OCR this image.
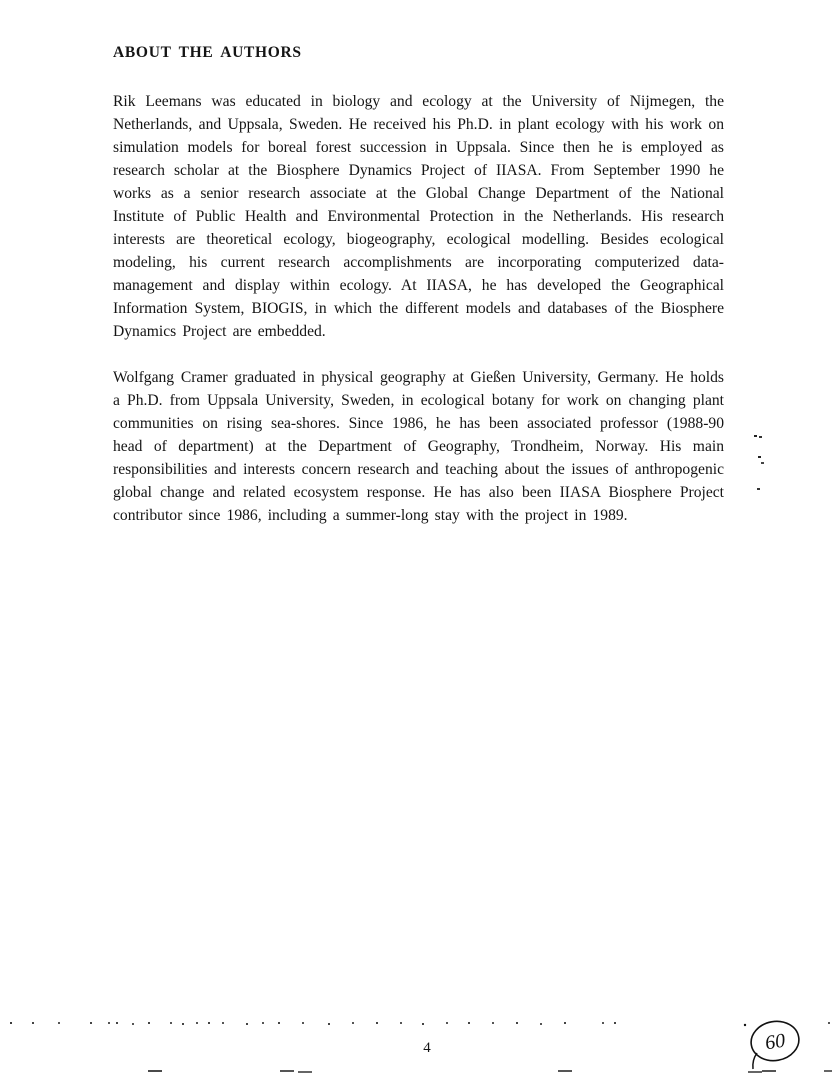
ABOUT THE AUTHORS

Rik Leemans was educated in biology and ecology at the University of Nijmegen, the Netherlands, and Uppsala, Sweden. He received his Ph.D. in plant ecology with his work on simulation models for boreal forest succession in Uppsala. Since then he is employed as research scholar at the Biosphere Dynamics Project of IIASA. From September 1990 he works as a senior research associate at the Global Change Department of the National Institute of Public Health and Environmental Protection in the Netherlands. His research interests are theoretical ecology, biogeography, ecological modelling. Besides ecological modeling, his current research accomplishments are incorporating computerized data-management and display within ecology. At IIASA, he has developed the Geographical Information System, BIOGIS, in which the different models and databases of the Biosphere Dynamics Project are embedded.

Wolfgang Cramer graduated in physical geography at Gießen University, Germany. He holds a Ph.D. from Uppsala University, Sweden, in ecological botany for work on changing plant communities on rising sea-shores. Since 1986, he has been associated professor (1988-90 head of department) at the Department of Geography, Trondheim, Norway. His main responsibilities and interests concern research and teaching about the issues of anthropogenic global change and related ecosystem response. He has also been IIASA Biosphere Project contributor since 1986, including a summer-long stay with the project in 1989.

4	60
